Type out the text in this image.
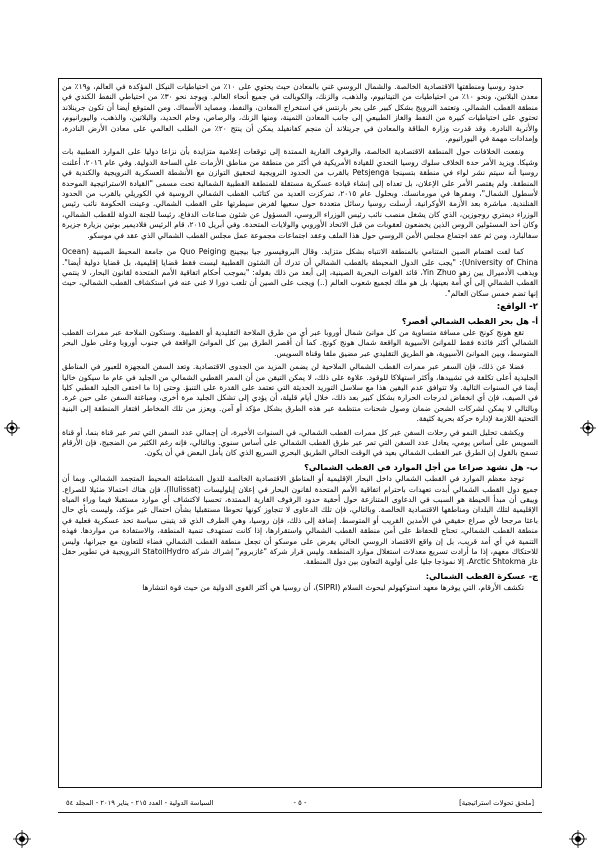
حدود روسيا ومنطقتها الاقتصادية الخالصة. والشمال الروسي غني بالمعادن حيث يحتوي على ١٠٪ من احتياطيات النيكل المؤكدة في العالم، و١٩٪ من معدن البلاتين، ونحو ١٠٪ من احتياطيات من التيتانيوم، والذهب، والزنك، والكوبالت في جميع أنحاء العالم. ويوجد نحو ٣٠٪ من احتياطي النفط الكندي في منطقة القطب الشمالي. وتعتمد النرويج بشكل كبير على بحر بارنتس في استخراج المعادن، والنفط، ومصايد الأسماك. ومن المتوقع أيضا أن تكون جرينلاند تحتوي على احتياطيات كبيرة من النفط والغاز الطبيعي إلى جانب المعادن الثمينة، ومنها الزنك، والرصاص، وخام الحديد، والبلاتين، والذهب، واليورانيوم، والأتربة النادرة. وقد قدرت وزارة الطاقة والمعادن في جرينلاند أن منجم كفانفيلد يمكن أن ينتج ٢٠٪ من الطلب العالمي على معادن الأرض النادرة، وإمدادات مهمة في اليورانيوم.

ونفعت الخلافات حول المنطقة الاقتصادية الخالصة، والرفوف القارية الممتدة إلى توقعات إعلامية متزايدة بأن نزاعا دوليا على الموارد القطبية بات وشيكا. ويزيد الأمر حدة الخلاف سلوك روسيا التحدي للقيادة الأمريكية في أكثر من منطقة من مناطق الأزمات على الساحة الدولية. وفي عام ٢٠١٦، أعلنت روسيا أنه سيتم نشر لواء في منطقة بتسينجا Petsjenga بالقرب من الحدود النرويجية لتحقيق التوازن مع الأنشطة العسكرية النرويجية والكندية في المنطقة. ولم يقتصر الأمر على الإعلان، بل تعداه إلى إنشاء قيادة عسكرية مستقلة للمنطقة القطبية الشمالية تحت مسمى "القيادة الاستراتيجية الموحدة لأسطول الشمال"، ومقرها في مورمانسك. وبحلول عام ٢٠١٥، تمركزت العديد من كتائب القطب الشمالي الروسية في الكوريلي بالقرب من الحدود الفنلندية. مباشرة بعد الأزمة الأوكرانية، أرسلت روسيا رسائل متعددة حول سعيها لفرض سيطرتها على القطب الشمالي. وعينت الحكومة نائب رئيس الوزراء ديمتري روجوزين، الذي كان يشغل منصب نائب رئيس الوزراء الروسي، المسؤول عن شئون صناعات الدفاع، رئيسا للجنة الدولة للقطب الشمالي، وكان أحد المسئولين الروس الذين يخضعون لعقوبات من قبل الاتحاد الأوروبي والولايات المتحدة. وفي أبريل ٢٠١٥، قام الرئيس فلاديمير بوتين بزيارة جزيرة سفالبارد، ومن ثم عقد اجتماع مجلس الأمن الروسي حول هذا الملف وعقد اجتماعات مجموعة عمل مجلس القطب الشمالي الذي عقد في موسكو.

كما لفت اهتمام الصين المتنامي بالمنطقة الانتباه بشكل متزايد. وقال البروفيسور جيا بيجينج Quo Peiging من جامعة المحيط الصينية (Ocean University of China): "يجب على الدول المحيطة بالقطب الشمالي أن تدرك أن الشئون القطبية ليست فقط قضايا إقليمية، بل قضايا دولية أيضا". ويذهب الأدميرال يين زهو Yin Zhuo، قائد القوات البحرية الصينية، إلى أبعد من ذلك بقوله: "بموجب أحكام اتفاقية الأمم المتحدة لقانون البحار، لا ينتمي القطب الشمالي إلى أي أمة بعينها، بل هو ملك لجميع شعوب العالم (..) ويجب على الصين أن تلعب دورا لا غنى عنه في استكشاف القطب الشمالي، حيث إنها تضم خمس سكان العالم".

٢- الواقع:
أ- هل بحر القطب الشمالي أقصر؟

تقع هونج كونج على مسافة متساوية من كل موانئ شمال أوروبا عبر أي من طرق الملاحة التقليدية أو القطبية. وستكون الملاحة عبر ممرات القطب الشمالي أكثر فائدة فقط للموانئ الآسيوية الواقعة شمال هونج كونج. كما أن أقصر الطرق بين كل الموانئ الواقعة في جنوب أوروبا وعلى طول البحر المتوسط، وبين الموانئ الآسيوية، هو الطريق التقليدي عبر مضيق ملقا وقناة السويس.

فضلا عن ذلك، فإن السفر عبر ممرات القطب الشمالي الملاحية لن يضمن المزيد من الجدوى الاقتصادية. وتعد السفن المجهزة للعبور في المناطق الجليدية أعلى تكلفة في تشييدها، وأكثر استهلاكا للوقود. علاوة على ذلك، لا يمكن التيقن من أن الممر القطبي الشمالي من الجليد في عام ما سيكون خاليا أيضا في السنوات التالية. ولا تتوافق عدم اليقين هذا مع سلاسل التوريد الحديثة التي تعتمد على القدرة على التنبؤ. وحتى إذا ما اختفى الجليد القطبي كليا في الصيف، فإن أي انخفاض لدرجات الحرارة بشكل كبير بعد ذلك، خلال أيام قليلة، أن يؤدي إلى تشكل الجليد مرة أخرى، ومباغتة السفن على حين غرة. وبالتالي لا يمكن لشركات الشحن ضمان وصول شحنات منتظمة عبر هذه الطرق بشكل مؤكد أو آمن. ويعزز من تلك المخاطر افتقار المنطقة إلى البنية التحتية اللازمة لإدارة حركة بحرية كثيفة.

ويكشف تحليل النمو في رحلات السفن عبر كل ممرات القطب الشمالي، في السنوات الأخيرة، أن إجمالي عدد السفن التي تمر عبر قناة بنما، أو قناة السويس على أساس يومي، يعادل عدد السفن التي تمر عبر طرق القطب الشمالي على أساس سنوي. وبالتالي، فإنه رغم الكثير من الضجيج، فإن الأرقام تسمح بالقول إن الطرق عبر القطب الشمالي بعيد في الوقت الحالي الطريق البحري السريع الذي كان يأمل البعض في أن يكون.

ب- هل نشهد صراعا من أجل الموارد في القطب الشمالي؟

توجد معظم الموارد في القطب الشمالي داخل البحار الإقليمية أو المناطق الاقتصادية الخالصة للدول المشاطئة المحيط المتجمد الشمالي. وبما أن جميع دول القطب الشمالي أبدت تعهدات باحترام اتفاقية الأمم المتحدة لقانون البحار في إعلان إيلوليسات (Ilulissat)، فإن هناك احتمالا ضئيلا للصراع. ويبقى أن مبدأ الحيطة هو السبب في الدعاوى المتنازعة حول أحقية حدود الرفوف القارية الممتدة، تحسبا لاكتشاف أي موارد مستقبلا فيما وراء المياه الإقليمية لتلك البلدان ومناطقها الاقتصادية الخالصة. وبالتالي، فإن تلك الدعاوى لا تتجاوز كونها تحوطا مستقبليا بشأن احتمال غير مؤكد، وليست بأي حال باعثا مرجحا لأي صراع حقيقي في الأمدين القريب أو المتوسط. إضافة إلى ذلك، فإن روسيا، وهي الطرف الذي قد يتبنى سياسة تحد عسكرية فعلية في منطقة القطب الشمالي، تحتاج للحفاظ على أمن منطقة القطب الشمالي واستقرارها، إذا كانت تستهدف تنمية المنطقة، والاستفادة من مواردها. فهذه التنمية في أي أمد قريب، بل إن واقع الاقتصاد الروسي الحالي يفرض على موسكو أن تجعل منطقة القطب الشمالي فضاء للتعاون مع جيرانها، وليس للاحتكاك معهم، إذا ما أرادت تسريع معدلات استغلال موارد المنطقة. وليس قرار شركة "غازبروم" إشراك شركة StatoilHydro النرويجية في تطوير حقل غاز Arctic Shtokma، إلا نموذجا جليا على أولوية التعاون بين دول المنطقة.

ج- عسكرة القطب الشمالي:

تكشف الأرقام، التي يوفرها معهد استوكهولم لبحوث السلام (SIPRI)، أن روسيا هي أكثر القوى الدولية من حيث قوة انتشارها

[ملحق تحولات استراتيجية]
- ٥ -
السياسة الدولية - العدد ٢١٥ - يناير ٢٠١٩ - المجلد ٥٤
